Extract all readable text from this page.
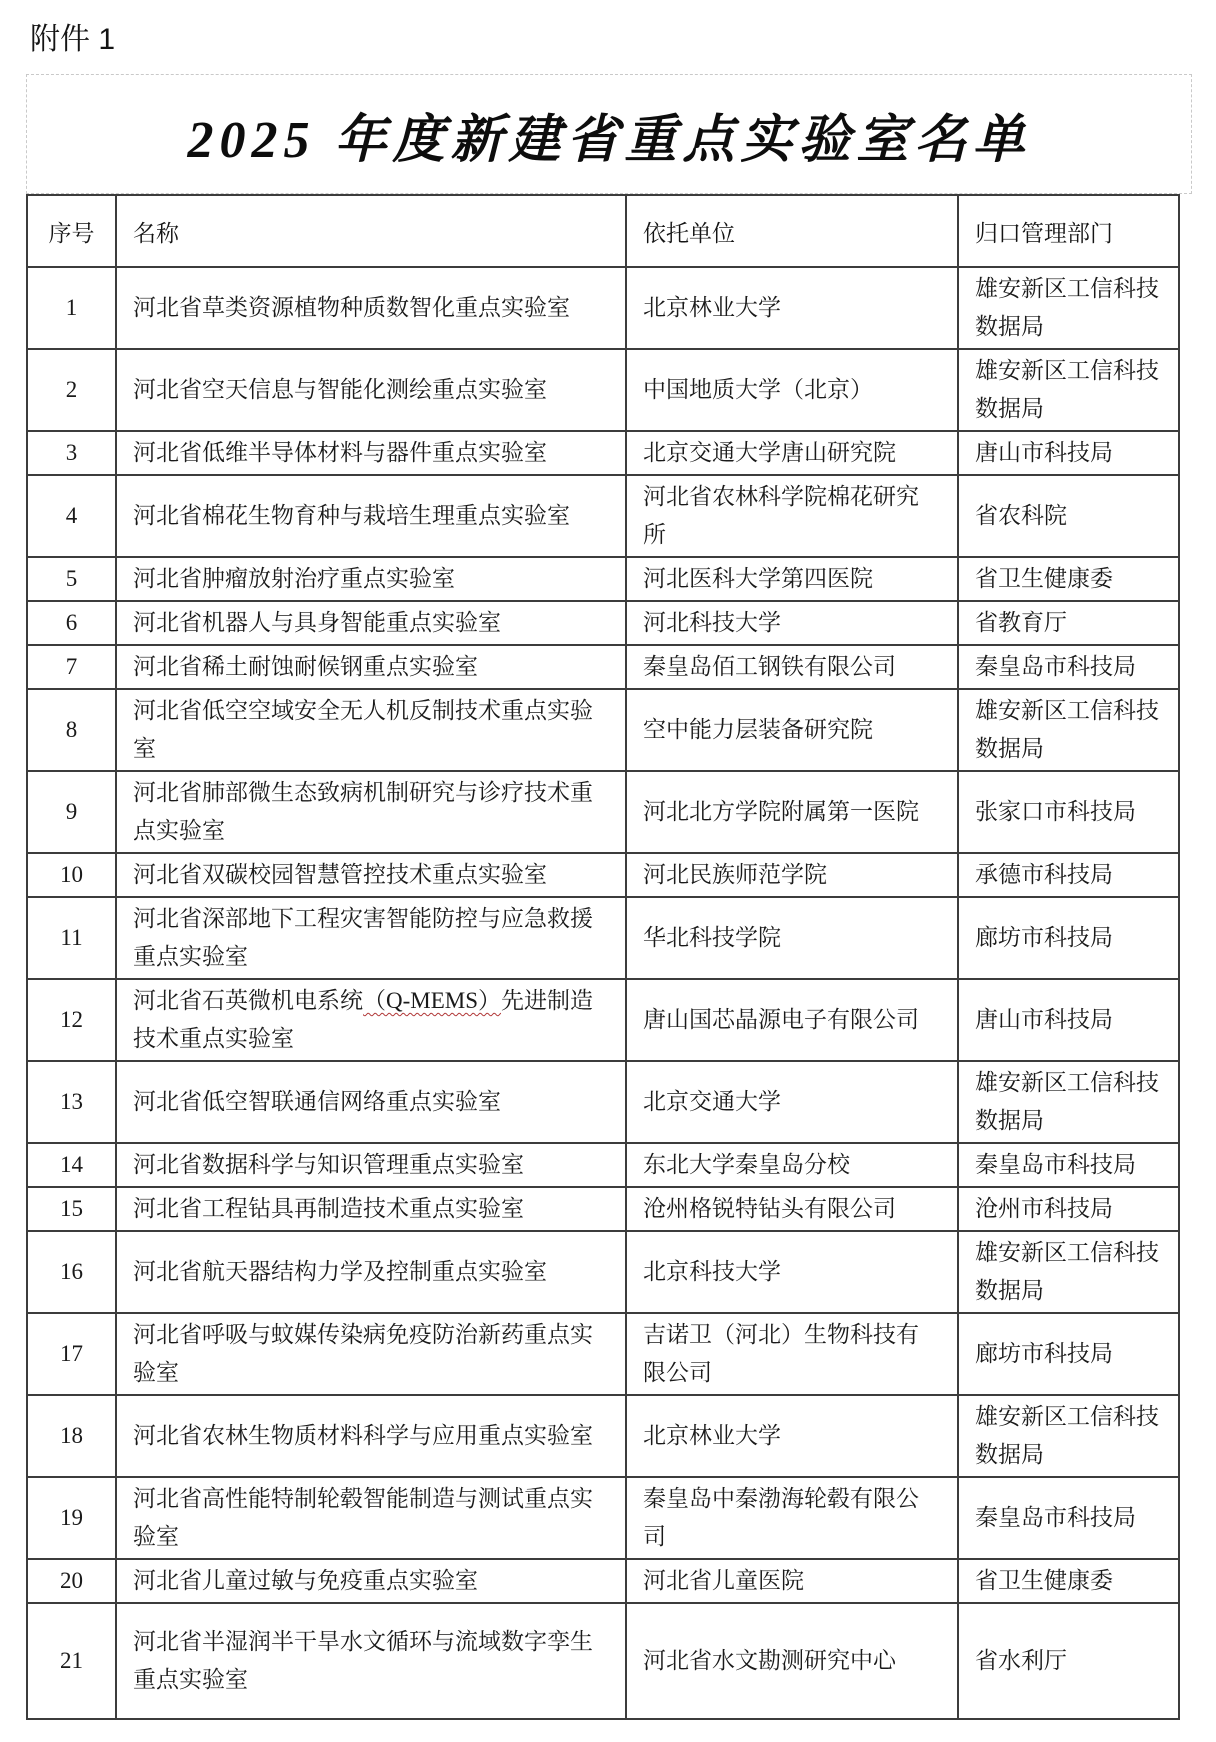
附件 1
2025 年度新建省重点实验室名单
序号	名称	依托单位	归口管理部门
1	河北省草类资源植物种质数智化重点实验室	北京林业大学	雄安新区工信科技数据局
2	河北省空天信息与智能化测绘重点实验室	中国地质大学（北京）	雄安新区工信科技数据局
3	河北省低维半导体材料与器件重点实验室	北京交通大学唐山研究院	唐山市科技局
4	河北省棉花生物育种与栽培生理重点实验室	河北省农林科学院棉花研究所	省农科院
5	河北省肿瘤放射治疗重点实验室	河北医科大学第四医院	省卫生健康委
6	河北省机器人与具身智能重点实验室	河北科技大学	省教育厅
7	河北省稀土耐蚀耐候钢重点实验室	秦皇岛佰工钢铁有限公司	秦皇岛市科技局
8	河北省低空空域安全无人机反制技术重点实验室	空中能力层装备研究院	雄安新区工信科技数据局
9	河北省肺部微生态致病机制研究与诊疗技术重点实验室	河北北方学院附属第一医院	张家口市科技局
10	河北省双碳校园智慧管控技术重点实验室	河北民族师范学院	承德市科技局
11	河北省深部地下工程灾害智能防控与应急救援重点实验室	华北科技学院	廊坊市科技局
12	河北省石英微机电系统（Q-MEMS）先进制造技术重点实验室	唐山国芯晶源电子有限公司	唐山市科技局
13	河北省低空智联通信网络重点实验室	北京交通大学	雄安新区工信科技数据局
14	河北省数据科学与知识管理重点实验室	东北大学秦皇岛分校	秦皇岛市科技局
15	河北省工程钻具再制造技术重点实验室	沧州格锐特钻头有限公司	沧州市科技局
16	河北省航天器结构力学及控制重点实验室	北京科技大学	雄安新区工信科技数据局
17	河北省呼吸与蚊媒传染病免疫防治新药重点实验室	吉诺卫（河北）生物科技有限公司	廊坊市科技局
18	河北省农林生物质材料科学与应用重点实验室	北京林业大学	雄安新区工信科技数据局
19	河北省高性能特制轮毂智能制造与测试重点实验室	秦皇岛中秦渤海轮毂有限公司	秦皇岛市科技局
20	河北省儿童过敏与免疫重点实验室	河北省儿童医院	省卫生健康委
21	河北省半湿润半干旱水文循环与流域数字孪生重点实验室	河北省水文勘测研究中心	省水利厅
